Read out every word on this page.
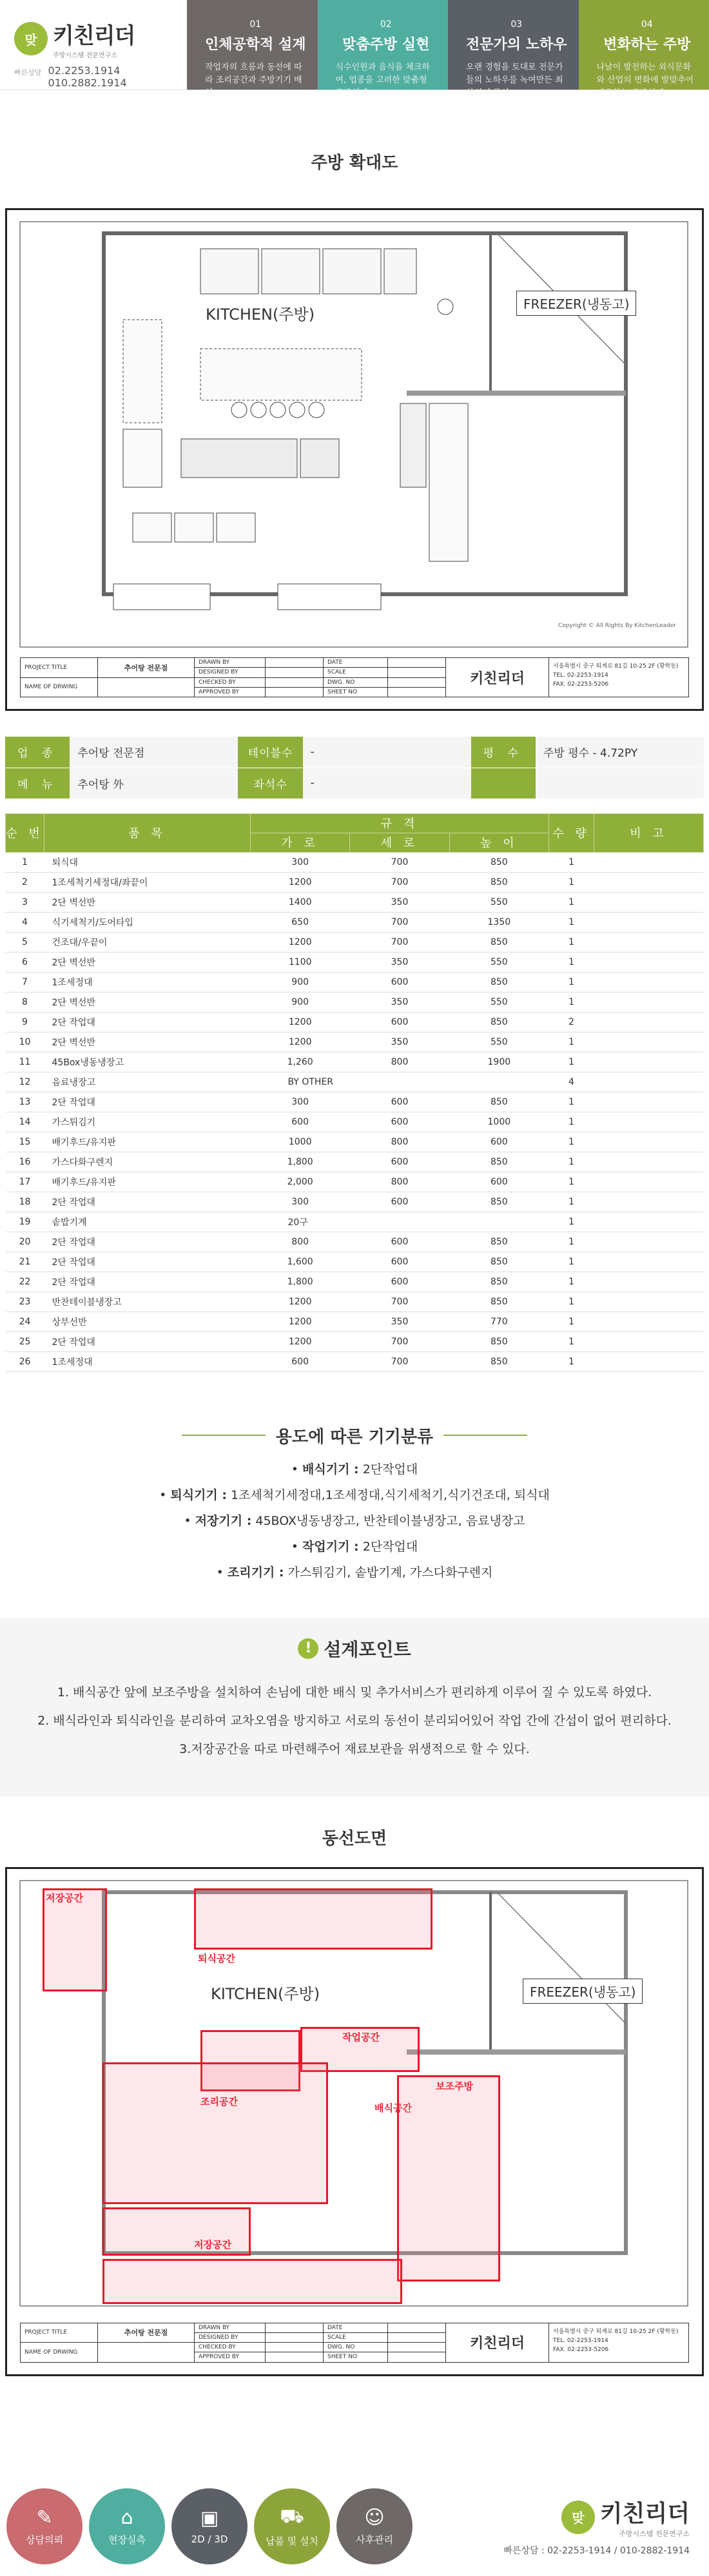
맞 키친리더
주방시스템 전문연구소
빠른상담 02.2253.1914
010.2882.1914
01
인체공학적 설계
작업자의 흐름과 동선에 따라 조리공간과 주방기기 배치
02
맞춤주방 실현
식수인원과 음식을 체크하여, 업종을 고려한 맞춤형 주방설계
03
전문가의 노하우
오랜 경험을 토대로 전문가들의 노하우를 녹여만든 최상의 솔루션
04
변화하는 주방
나날이 발전하는 외식문화와 산업의 변화에 발맞추어 대응하는 주방설계
주방 확대도
KITCHEN(주방)
FREEZER(냉동고)
Copyright © All Rights By KitchenLeader
PROJECT TITLE
NAME OF DRWING
추어탕 전문점
DRAWN BY
DESIGNED BY
CHECKED BY
APPROVED BY
DATE
SCALE
DWG. NO
SHEET NO
키친리더
서울특별시 중구 퇴계로 81길 10-25 2F (황학동)
TEL. 02-2253-1914
FAX. 02-2253-5206
업 종	추어탕 전문점	테이블수	-	평 수	주방 평수 - 4.72PY
메 뉴	추어탕 外	좌석수	-		
순 번	품 목	규 격			수 량	비 고
		가 로	세 로	높 이		
1	퇴식대	300	700	850	1	
2	1조세척기세정대/좌끝이	1200	700	850	1	
3	2단 벽선반	1400	350	550	1	
4	식기세척기/도어타입	650	700	1350	1	
5	건조대/우끝이	1200	700	850	1	
6	2단 벽선반	1100	350	550	1	
7	1조세정대	900	600	850	1	
8	2단 벽선반	900	350	550	1	
9	2단 작업대	1200	600	850	2	
10	2단 벽선반	1200	350	550	1	
11	45Box냉동냉장고	1,260	800	1900	1	
12	음료냉장고	BY OTHER			4	
13	2단 작업대	300	600	850	1	
14	가스튀김기	600	600	1000	1	
15	배기후드/유지판	1000	800	600	1	
16	가스다화구렌지	1,800	600	850	1	
17	배기후드/유지판	2,000	800	600	1	
18	2단 작업대	300	600	850	1	
19	솥밥기계	20구			1	
20	2단 작업대	800	600	850	1	
21	2단 작업대	1,600	600	850	1	
22	2단 작업대	1,800	600	850	1	
23	반찬테이블냉장고	1200	700	850	1	
24	상부선반	1200	350	770	1	
25	2단 작업대	1200	700	850	1	
26	1조세정대	600	700	850	1	
용도에 따른 기기분류
• 배식기기 : 2단작업대
• 퇴식기기 : 1조세척기세정대,1조세정대,식기세척기,식기건조대, 퇴식대
• 저장기기 : 45BOX냉동냉장고, 반찬테이블냉장고, 음료냉장고
• 작업기기 : 2단작업대
• 조리기기 : 가스튀김기, 솥밥기계, 가스다화구렌지
! 설계포인트
1. 배식공간 앞에 보조주방을 설치하여 손님에 대한 배식 및 추가서비스가 편리하게 이루어 질 수 있도록 하였다.
2. 배식라인과 퇴식라인을 분리하여 교차오염을 방지하고 서로의 동선이 분리되어있어 작업 간에 간섭이 없어 편리하다.
3.저장공간을 따로 마련해주어 재료보관을 위생적으로 할 수 있다.
동선도면
저장공간
퇴식공간
작업공간
조리공간
배식공간
보조주방
저장공간
KITCHEN(주방)	FREEZER(냉동고)
PROJECT TITLE
NAME OF DRWING
추어탕 전문점
DRAWN BY
DESIGNED BY
CHECKED BY
APPROVED BY
DATE
SCALE
DWG. NO
SHEET NO
키친리더
서울특별시 중구 퇴계로 81길 10-25 2F (황학동)
TEL. 02-2253-1914
FAX. 02-2253-5206
✎
상담의뢰
⌂
현장실측
▣
2D / 3D
⛟
납품 및 설치
☺
사후관리
맞 키친리더
주방시스템 전문연구소
빠른상담 : 02-2253-1914 / 010-2882-1914
